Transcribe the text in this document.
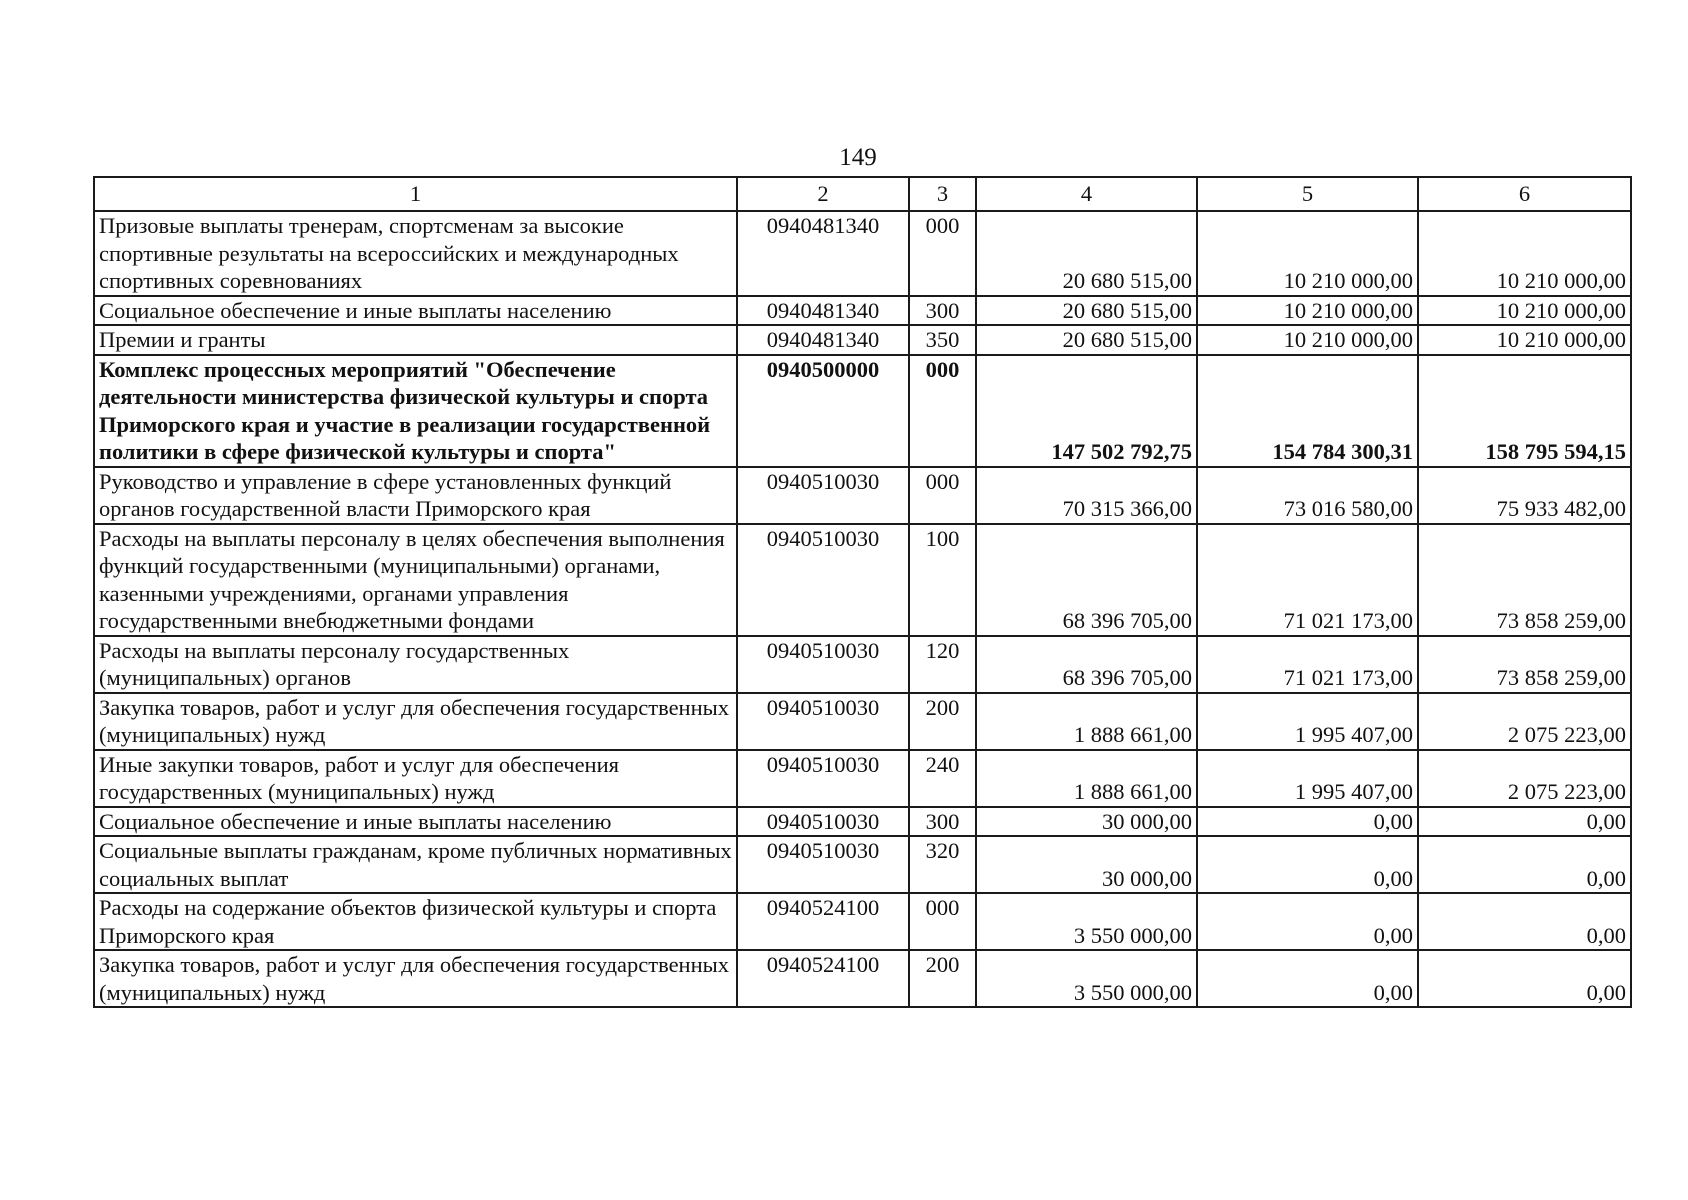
149
1	2	3	4	5	6
Призовые выплаты тренерам, спортсменам за высокие спортивные результаты на всероссийских и международных спортивных соревнованиях	0940481340	000	20 680 515,00	10 210 000,00	10 210 000,00
Социальное обеспечение и иные выплаты населению	0940481340	300	20 680 515,00	10 210 000,00	10 210 000,00
Премии и гранты	0940481340	350	20 680 515,00	10 210 000,00	10 210 000,00
Комплекс процессных мероприятий "Обеспечение деятельности министерства физической культуры и спорта Приморского края и участие в реализации государственной политики в сфере физической культуры и спорта"	0940500000	000	147 502 792,75	154 784 300,31	158 795 594,15
Руководство и управление в сфере установленных функций органов государственной власти Приморского края	0940510030	000	70 315 366,00	73 016 580,00	75 933 482,00
Расходы на выплаты персоналу в целях обеспечения выполнения функций государственными (муниципальными) органами, казенными учреждениями, органами управления государственными внебюджетными фондами	0940510030	100	68 396 705,00	71 021 173,00	73 858 259,00
Расходы на выплаты персоналу государственных (муниципальных) органов	0940510030	120	68 396 705,00	71 021 173,00	73 858 259,00
Закупка товаров, работ и услуг для обеспечения государственных (муниципальных) нужд	0940510030	200	1 888 661,00	1 995 407,00	2 075 223,00
Иные закупки товаров, работ и услуг для обеспечения государственных (муниципальных) нужд	0940510030	240	1 888 661,00	1 995 407,00	2 075 223,00
Социальное обеспечение и иные выплаты населению	0940510030	300	30 000,00	0,00	0,00
Социальные выплаты гражданам, кроме публичных нормативных социальных выплат	0940510030	320	30 000,00	0,00	0,00
Расходы на содержание объектов физической культуры и спорта Приморского края	0940524100	000	3 550 000,00	0,00	0,00
Закупка товаров, работ и услуг для обеспечения государственных (муниципальных) нужд	0940524100	200	3 550 000,00	0,00	0,00
